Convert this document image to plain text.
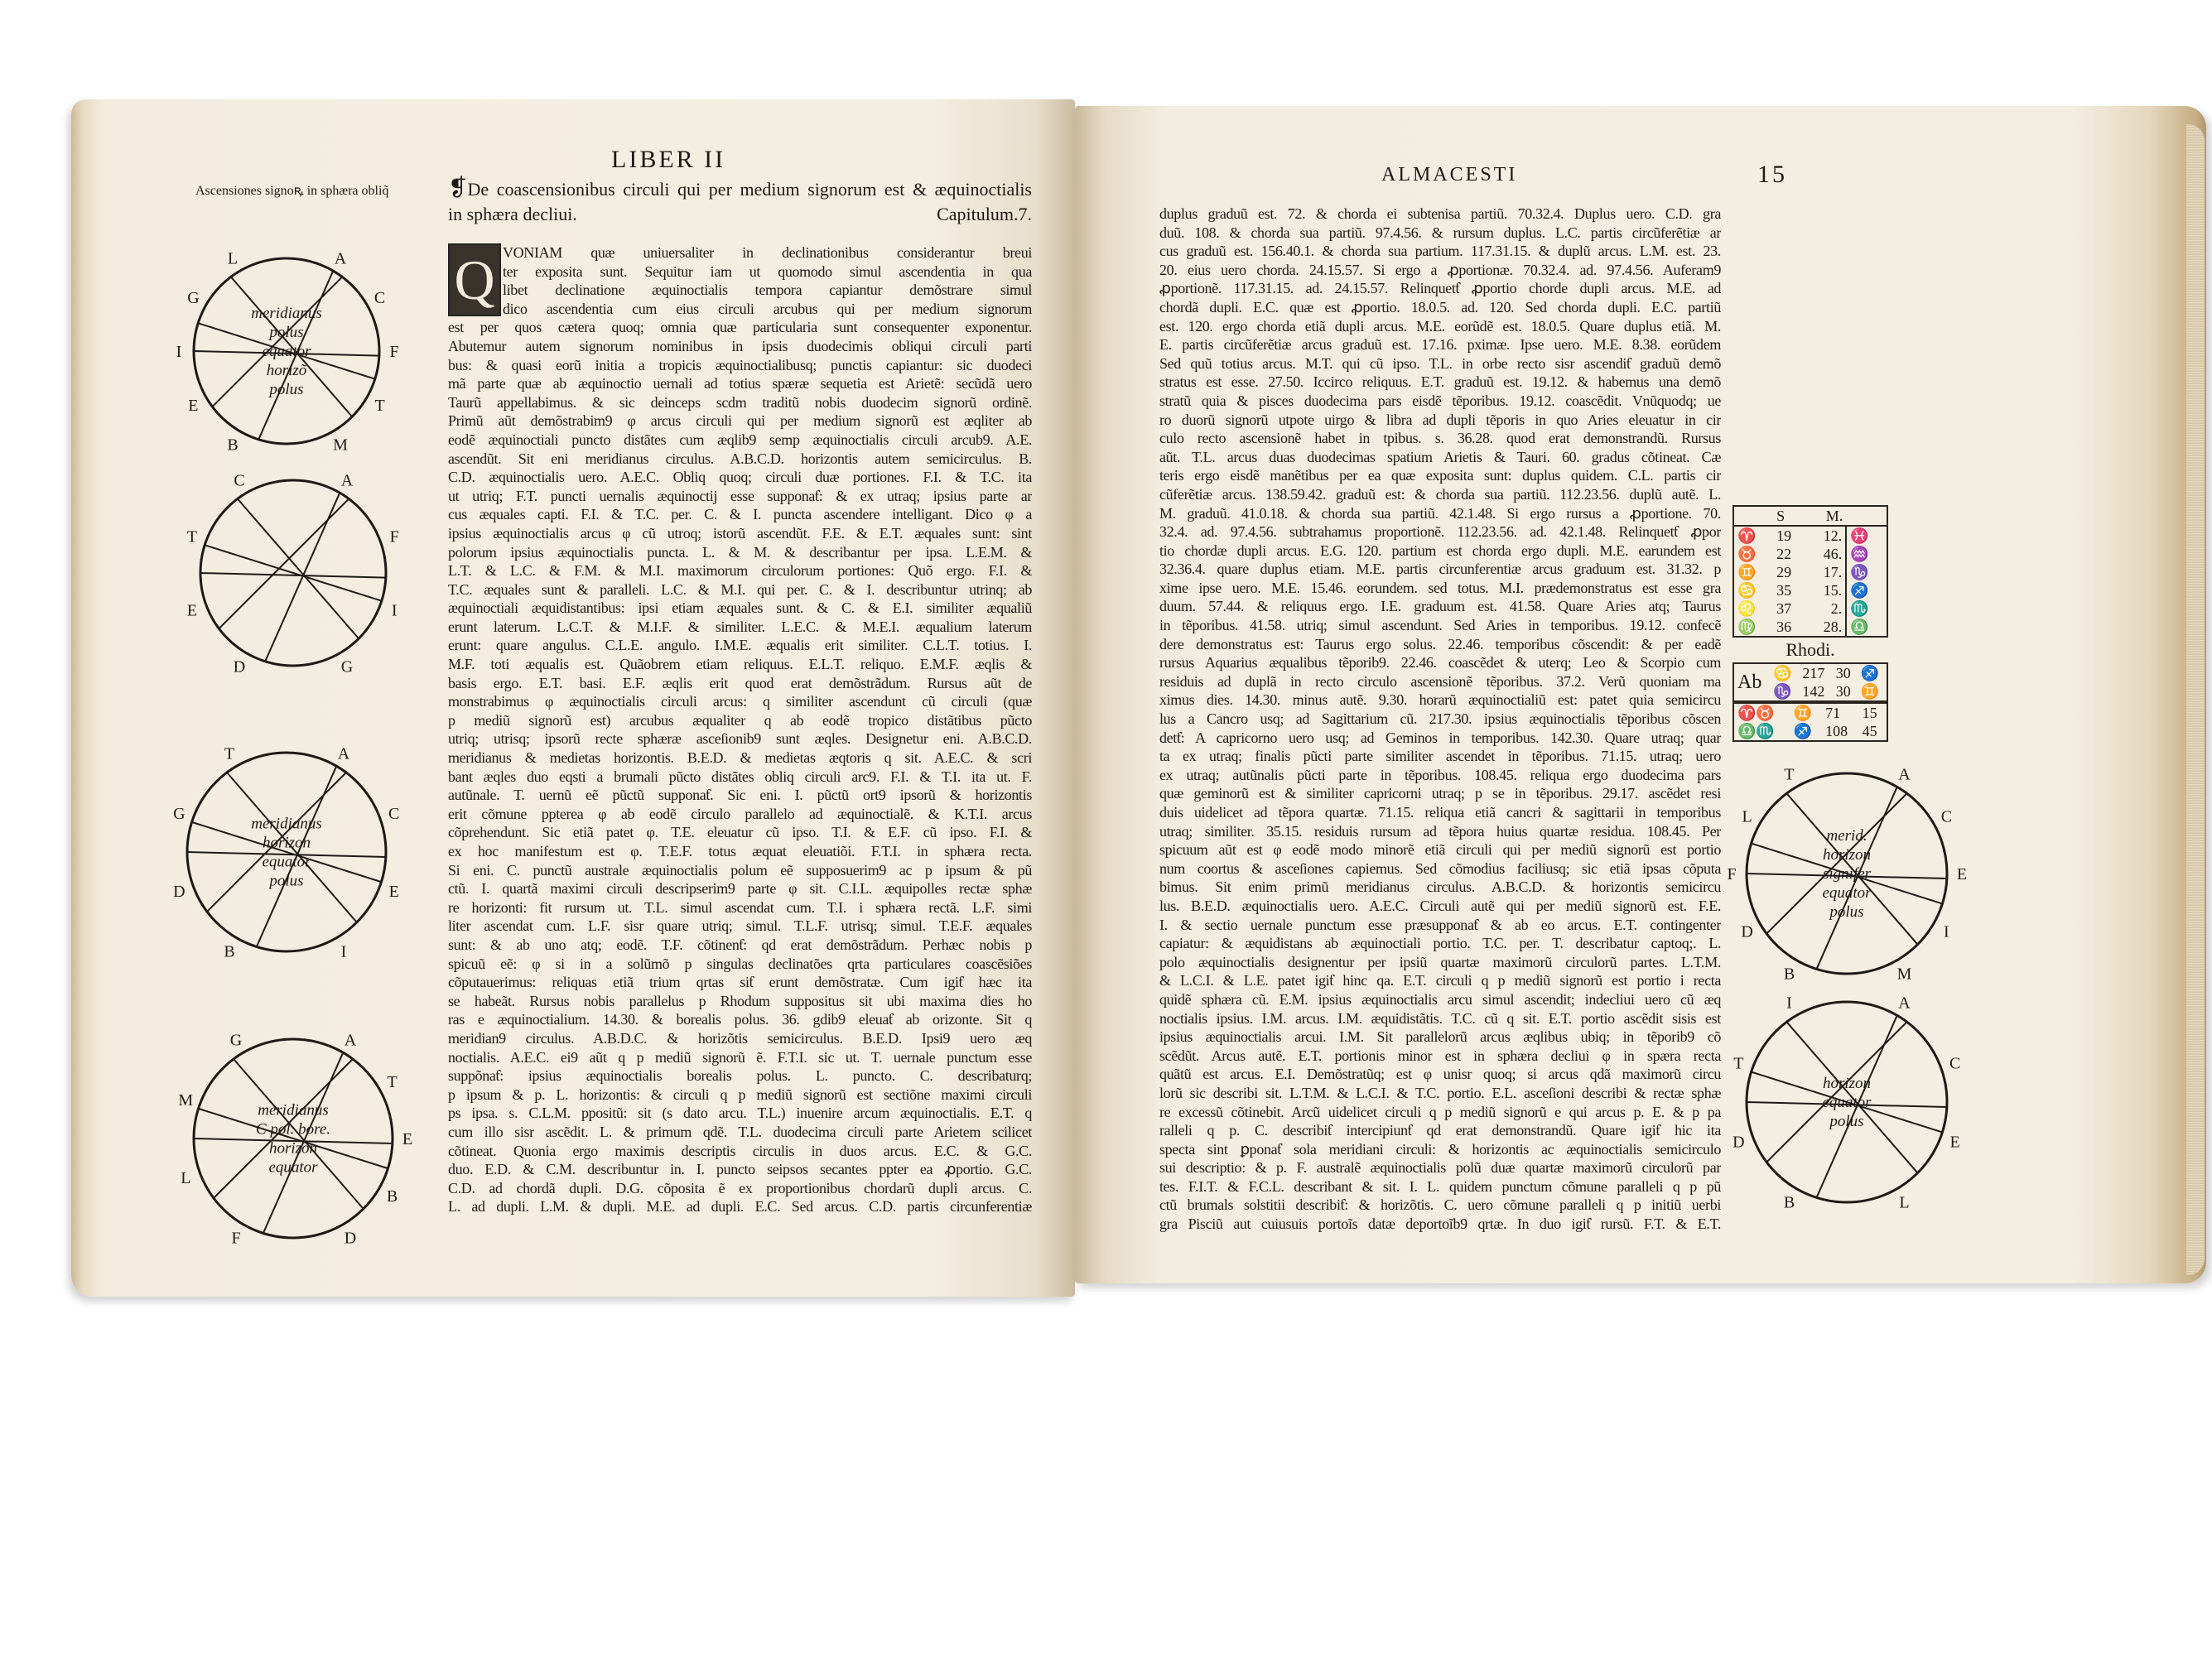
LIBER II
ALMACESTI	15
Ascensiones signoꝶ in sphæra obliq̃	❡De coascensionibus circuli qui per medium signorum est & æquinoctialis
in sphæra decliui.	Capitulum.7.
Q VONIAM quæ uniuersaliter in declinationibus considerantur breui
ter exposita sunt. Sequitur iam ut quomodo simul ascendentia in qua
libet declinatione æquinoctialis tempora capiantur demõstrare simul
dico ascendentia cum eius circuli arcubus qui per medium signorum
est per quos cætera quoq; omnia quæ particularia sunt consequenter exponentur.
Abutemur autem signorum nominibus in ipsis duodecimis obliqui circuli parti
bus: & quasi eorũ initia a tropicis æquinoctialibusq; punctis capiantur: sic duodeci
mã parte quæ ab æquinoctio uernali ad totius spæræ sequetia est Arietẽ: secũdã uero
Taurũ appellabimus. & sic deinceps scdm traditũ nobis duodecim signorũ ordinẽ.
Primũ aũt demõstrabim9 φ arcus circuli qui per medium signorũ est æqliter ab
eodẽ æquinoctiali puncto distãtes cum æqlib9 semp æquinoctialis circuli arcub9. A.E.
ascendũt. Sit eni meridianus circulus. A.B.C.D. horizontis autem semicirculus. B.
C.D. æquinoctialis uero. A.E.C. Obliq quoq; circuli duæ portiones. F.I. & T.C. ita
ut utriq; F.T. puncti uernalis æquinoctij esse supponaƭ: & ex utraq; ipsius parte ar
cus æquales capti. F.I. & T.C. per. C. & I. puncta ascendere intelligant. Dico φ a
ipsius æquinoctialis arcus φ cũ utroq; istorũ ascendũt. F.E. & E.T. æquales sunt: sint
polorum ipsius æquinoctialis puncta. L. & M. & describantur per ipsa. L.E.M. &
L.T. & L.C. & F.M. & M.I. maximorum circulorum portiones: Quõ ergo. F.I. &
T.C. æquales sunt & paralleli. L.C. & M.I. qui per. C. & I. describuntur utrinq; ab
æquinoctiali æquidistantibus: ipsi etiam æquales sunt. & C. & E.I. similiter æqualiũ
erunt laterum. L.C.T. & M.I.F. & similiter. L.E.C. & M.E.I. æqualium laterum
erunt: quare angulus. C.L.E. angulo. I.M.E. æqualis erit similiter. C.L.T. totius. I.
M.F. toti æqualis est. Quãobrem etiam reliquus. E.L.T. reliquo. E.M.F. æqlis &
basis ergo. E.T. basi. E.F. æqlis erit quod erat demõstrãdum. Rursus aũt de
monstrabimus φ æquinoctialis circuli arcus: q similiter ascendunt cũ circuli (quæ
p mediũ signorũ est) arcubus æqualiter q ab eodẽ tropico distãtibus pũcto
utriq; utrisq; ipsorũ recte sphæræ asceſionib9 sunt æqles. Designetur eni. A.B.C.D.
meridianus & medietas horizontis. B.E.D. & medietas æqtoris q sit. A.E.C. & scri
bant æqles duo eqsti a brumali pũcto distãtes obliq circuli arc9. F.I. & T.I. ita ut. F.
autũnale. T. uernũ eẽ pũctũ supponaƭ. Sic eni. I. pũctũ ort9 ipsorũ & horizontis
erit cõmune ppterea φ ab eodẽ circulo parallelo ad æquinoctialẽ. & K.T.I. arcus
cõprehendunt. Sic etiã patet φ. T.E. eleuatur cũ ipso. T.I. & E.F. cũ ipso. F.I. &
ex hoc manifestum est φ. T.E.F. totus æquat eleuatiõi. F.T.I. in sphæra recta.
Si eni. C. punctũ australe æquinoctialis polum eẽ supposuerim9 ac p ipsum & pũ
ctũ. I. quartã maximi circuli descripserim9 parte φ sit. C.I.L. æquipolles rectæ sphæ
re horizonti: fit rursum ut. T.L. simul ascendat cum. T.I. i sphæra rectã. L.F. simi
liter ascendat cum. L.F. sisr quare utriq; simul. T.L.F. utrisq; simul. T.E.F. æquales
sunt: & ab uno atq; eodẽ. T.F. cõtinenƭ: qd erat demõstrãdum. Perhæc nobis p
spicuũ eẽ: φ si in a solũmõ p singulas declinatões qrta particulares coascẽsiões
cõputauerimus: reliquas etiã trium qrtas siƭ erunt demõstratæ. Cum igiƭ hæc ita
se habeãt. Rursus nobis parallelus p Rhodum suppositus sit ubi maxima dies ho
ras e æquinoctialium. 14.30. & borealis polus. 36. gdib9 eleuaƭ ab orizonte. Sit q
meridian9 circulus. A.B.D.C. & horizõtis semicirculus. B.E.D. Ipsi9 uero æq
noctialis. A.E.C. ei9 aũt q p mediũ signorũ ẽ. F.T.I. sic ut. T. uernale punctum esse
suppõnaƭ: ipsius æquinoctialis borealis polus. L. puncto. C. describaturq;
p ipsum & p. L. horizontis: & circuli q p mediũ signorũ est sectiõne maximi circuli
ps ipsa. s. C.L.M. ppositũ: sit (s dato arcu. T.L.) inuenire arcum æquinoctialis. E.T. q
cum illo sisr ascẽdit. L. & primum qdẽ. T.L. duodecima circuli parte Arietem scilicet
cõtineat. Quonia ergo maximis descriptis circulis in duos arcus. E.C. & G.C.
duo. E.D. & C.M. describuntur in. I. puncto seipsos secantes ppter ea ꝓportio. G.C.
C.D. ad chordã dupli. D.G. cõposita ẽ ex proportionibus chordarũ dupli arcus. C.
L. ad dupli. L.M. & dupli. M.E. ad dupli. E.C. Sed arcus. C.D. partis circunferentiæ
duplus graduũ est. 72. & chorda ei subtenisa partiũ. 70.32.4. Duplus uero. C.D. gra
duũ. 108. & chorda sua partiũ. 97.4.56. & rursum duplus. L.C. partis circũferẽtiæ ar
cus graduũ est. 156.40.1. & chorda sua partium. 117.31.15. & duplũ arcus. L.M. est. 23.
20. eius uero chorda. 24.15.57. Si ergo a ꝓportionæ. 70.32.4. ad. 97.4.56. Auferam9
ꝓportionẽ. 117.31.15. ad. 24.15.57. Relinquetƭ ꝓportio chorde dupli arcus. M.E. ad
chordã dupli. E.C. quæ est ꝓportio. 18.0.5. ad. 120. Sed chorda dupli. E.C. partiũ
est. 120. ergo chorda etiã dupli arcus. M.E. eorũdẽ est. 18.0.5. Quare duplus etiã. M.
E. partis circũferẽtiæ arcus graduũ est. 17.16. pximæ. Ipse uero. M.E. 8.38. eorũdem
Sed quũ totius arcus. M.T. qui cũ ipso. T.L. in orbe recto sisr ascendiƭ graduũ demõ
stratus est esse. 27.50. Iccirco reliquus. E.T. graduũ est. 19.12. & habemus una demõ
stratũ quia & pisces duodecima pars eisdẽ tẽporibus. 19.12. coascẽdit. Vnũquodq; ue
ro duorũ signorũ utpote uirgo & libra ad dupli tẽporis in quo Aries eleuatur in cir
culo recto ascensionẽ habet in tpibus. s. 36.28. quod erat demonstrandũ. Rursus
aũt. T.L. arcus duas duodecimas spatium Arietis & Tauri. 60. gradus cõtineat. Cæ
teris ergo eisdẽ manẽtibus per ea quæ exposita sunt: duplus quidem. C.L. partis cir
cũferẽtiæ arcus. 138.59.42. graduũ est: & chorda sua partiũ. 112.23.56. duplũ autẽ. L.
M. graduũ. 41.0.18. & chorda sua partiũ. 42.1.48. Si ergo rursus a ꝓportione. 70.
32.4. ad. 97.4.56. subtrahamus proportionẽ. 112.23.56. ad. 42.1.48. Relinquetƭ ꝓpor
tio chordæ dupli arcus. E.G. 120. partium est chorda ergo dupli. M.E. earundem est
32.36.4. quare duplus etiam. M.E. partis circunferentiæ arcus graduum est. 31.32. p
xime ipse uero. M.E. 15.46. eorundem. sed totus. M.I. prædemonstratus est esse gra
duum. 57.44. & reliquus ergo. I.E. graduum est. 41.58. Quare Aries atq; Taurus
in tẽporibus. 41.58. utriq; simul ascendunt. Sed Aries in temporibus. 19.12. confecẽ
dere demonstratus est: Taurus ergo solus. 22.46. temporibus cõscendit: & per eadẽ
rursus Aquarius æqualibus tẽporib9. 22.46. coascẽdet & uterq; Leo & Scorpio cum
residuis ad duplã in recto circulo ascensionẽ tẽporibus. 37.2. Verũ quoniam ma
ximus dies. 14.30. minus autẽ. 9.30. horarũ æquinoctialiũ est: patet quia semicircu
lus a Cancro usq; ad Sagittarium cũ. 217.30. ipsius æquinoctialis tẽporibus cõscen
detƭ: A capricorno uero usq; ad Geminos in temporibus. 142.30. Quare utraq; quar
ta ex utraq; finalis pũcti parte similiter ascendet in tẽporibus. 71.15. utraq; uero
ex utraq; autũnalis pũcti parte in tẽporibus. 108.45. reliqua ergo duodecima pars
quæ geminorũ est & similiter capricorni utraq; p se in tẽporibus. 29.17. ascẽdet resi
duis uidelicet ad tẽpora quartæ. 71.15. reliqua etiã cancri & sagittarii in temporibus
utraq; similiter. 35.15. residuis rursum ad tẽpora huius quartæ residua. 108.45. Per
spicuum aũt est φ eodẽ modo minorẽ etiã circuli qui per mediũ signorũ est portio
num coortus & asceſiones capiemus. Sed cõmodius faciliusq; sic etiã ipsas cõputa
bimus. Sit enim primũ meridianus circulus. A.B.C.D. & horizontis semicircu
lus. B.E.D. æquinoctialis uero. A.E.C. Circuli autẽ qui per mediũ signorũ est. F.E.
I. & sectio uernale punctum esse præsupponaƭ & ab eo arcus. E.T. contingenter
capiatur: & æquidistans ab æquinoctiali portio. T.C. per. T. describatur captoq;. L.
polo æquinoctialis designentur per ipsiũ quartæ maximorũ circulorũ partes. L.T.M.
& L.C.I. & L.E. patet igiƭ hinc qa. E.T. circuli q p mediũ signorũ est portio i recta
quidẽ sphæra cũ. E.M. ipsius æquinoctialis arcu simul ascendit; indecliui uero cũ æq
noctialis ipsius. I.M. arcus. I.M. æquidistãtis. T.C. cũ q sit. E.T. portio ascẽdit sisis est
ipsius æquinoctialis arcui. I.M. Sit parallelorũ arcus æqlibus ubiq; in tẽporib9 cõ
scẽdũt. Arcus autẽ. E.T. portionis minor est in sphæra decliui φ in spæra recta
quãtũ est arcus. E.I. Demõstratũq; est φ unisr quoq; si arcus qdã maximorũ circu
lorũ sic describi sit. L.T.M. & L.C.I. & T.C. portio. E.L. asceſioni describi & rectæ sphæ
re excessũ cõtinebit. Arcũ uidelicet circuli q p mediũ signorũ e qui arcus p. E. & p pa
ralleli q p. C. describiƭ intercipiunƭ qd erat demonstrandũ. Quare igiƭ hic ita
specta sint ꝑponaƭ sola meridiani circuli: & horizontis ac æquinoctialis semicirculo
sui descriptio: & p. F. australẽ æquinoctialis polũ duæ quartæ maximorũ circulorũ par
tes. F.I.T. & F.C.L. describant & sit. I. L. quidem punctum cõmune paralleli q p pũ
ctũ brumals solstitii describiƭ: & horizõtis. C. uero cõmune paralleli q p initiũ uerbi
gra Pisciũ aut cuiusuis portoĩs datæ deportoĩb9 qrtæ. In duo igiƭ rursũ. F.T. & E.T.
	S	M.	
♈	19	12.	♓
♉	22	46.	♒
♊	29	17.	♑
♋	35	15.	♐
♌	37	2.	♏
♍	36	28.	♎
Rhodi.
Ab	♋	217	30	♐
	♑	142	30	♊
♈♉	♊	71	15
♎♏	♐	108	45
A
C
F
T
M
B
E
I
G
L
meridianus
polus
equator
horizõ
polus
A
F
I
G
D
E
T
C
A
C
E
I
B
D
G
T
meridianus
horizon
equator
polus
A
T
E
B
D
F
L
M
G
meridianus
C pol. bore.
horizon
equator
A
C
E
I
M
B
D
F
L
T
merid.
horizon
signifer
equator
polus
A
C
E
L
B
D
T
I
horizon
equator
polus
